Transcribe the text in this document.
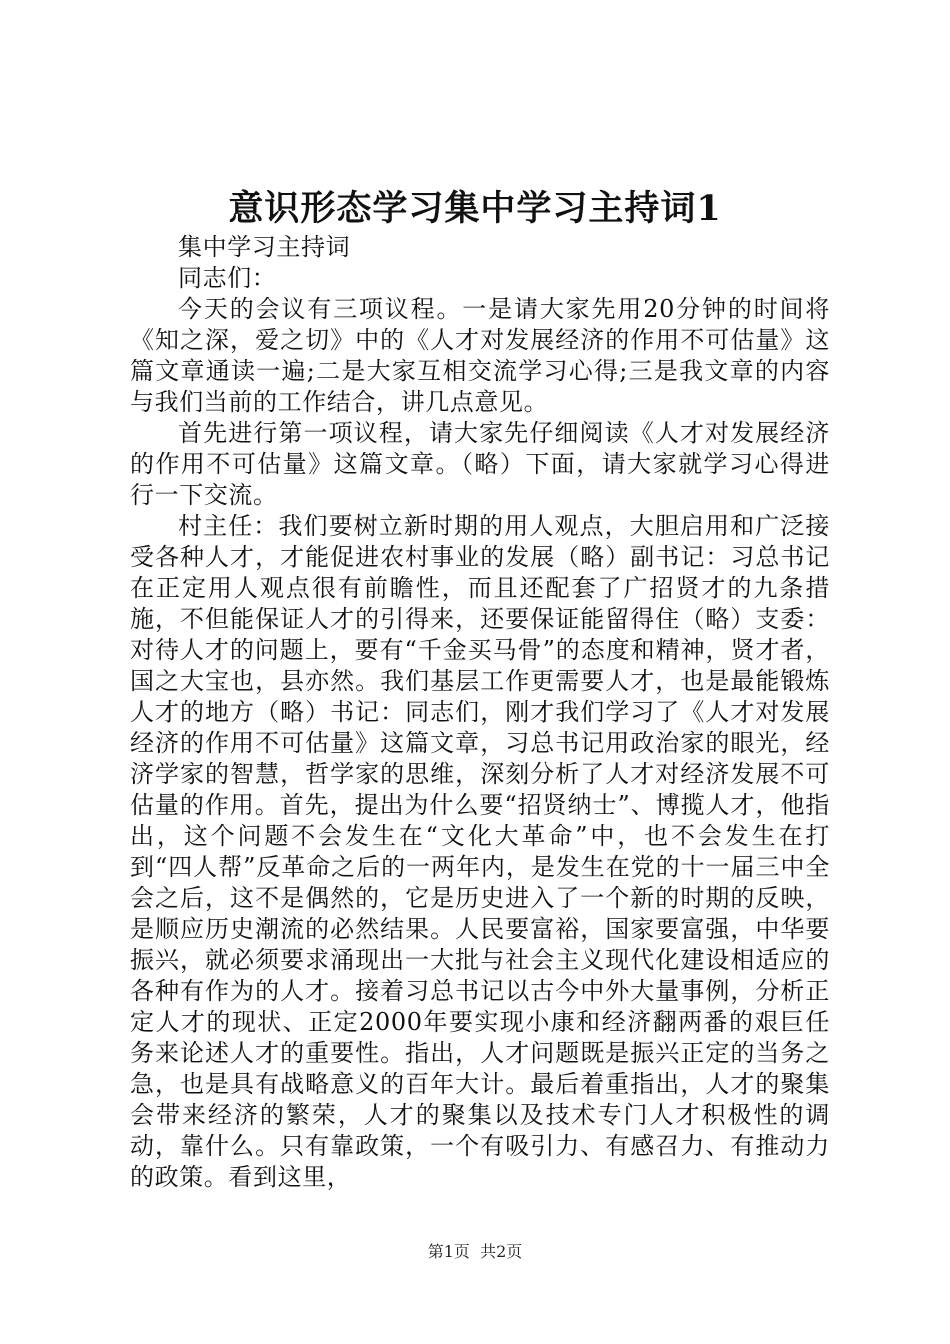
意识形态学习集中学习主持词1

集中学习主持词

同志们：

今天的会议有三项议程。一是请大家先用20分钟的时间将《知之深，爱之切》中的《人才对发展经济的作用不可估量》这篇文章通读一遍;二是大家互相交流学习心得;三是我文章的内容与我们当前的工作结合，讲几点意见。

首先进行第一项议程，请大家先仔细阅读《人才对发展经济的作用不可估量》这篇文章。（略）下面，请大家就学习心得进行一下交流。

村主任：我们要树立新时期的用人观点，大胆启用和广泛接受各种人才，才能促进农村事业的发展（略）副书记：习总书记在正定用人观点很有前瞻性，而且还配套了广招贤才的九条措施，不但能保证人才的引得来，还要保证能留得住（略）支委：对待人才的问题上，要有“千金买马骨”的态度和精神，贤才者，国之大宝也，县亦然。我们基层工作更需要人才，也是最能锻炼人才的地方（略）书记：同志们，刚才我们学习了《人才对发展经济的作用不可估量》这篇文章，习总书记用政治家的眼光，经济学家的智慧，哲学家的思维，深刻分析了人才对经济发展不可估量的作用。首先，提出为什么要“招贤纳士”、博揽人才，他指出，这个问题不会发生在“文化大革命”中，也不会发生在打到“四人帮”反革命之后的一两年内，是发生在党的十一届三中全会之后，这不是偶然的，它是历史进入了一个新的时期的反映，是顺应历史潮流的必然结果。人民要富裕，国家要富强，中华要振兴，就必须要求涌现出一大批与社会主义现代化建设相适应的各种有作为的人才。接着习总书记以古今中外大量事例，分析正定人才的现状、正定2000年要实现小康和经济翻两番的艰巨任务来论述人才的重要性。指出，人才问题既是振兴正定的当务之急，也是具有战略意义的百年大计。最后着重指出，人才的聚集会带来经济的繁荣，人才的聚集以及技术专门人才积极性的调动，靠什么。只有靠政策，一个有吸引力、有感召力、有推动力的政策。看到这里，

第1页  共2页
